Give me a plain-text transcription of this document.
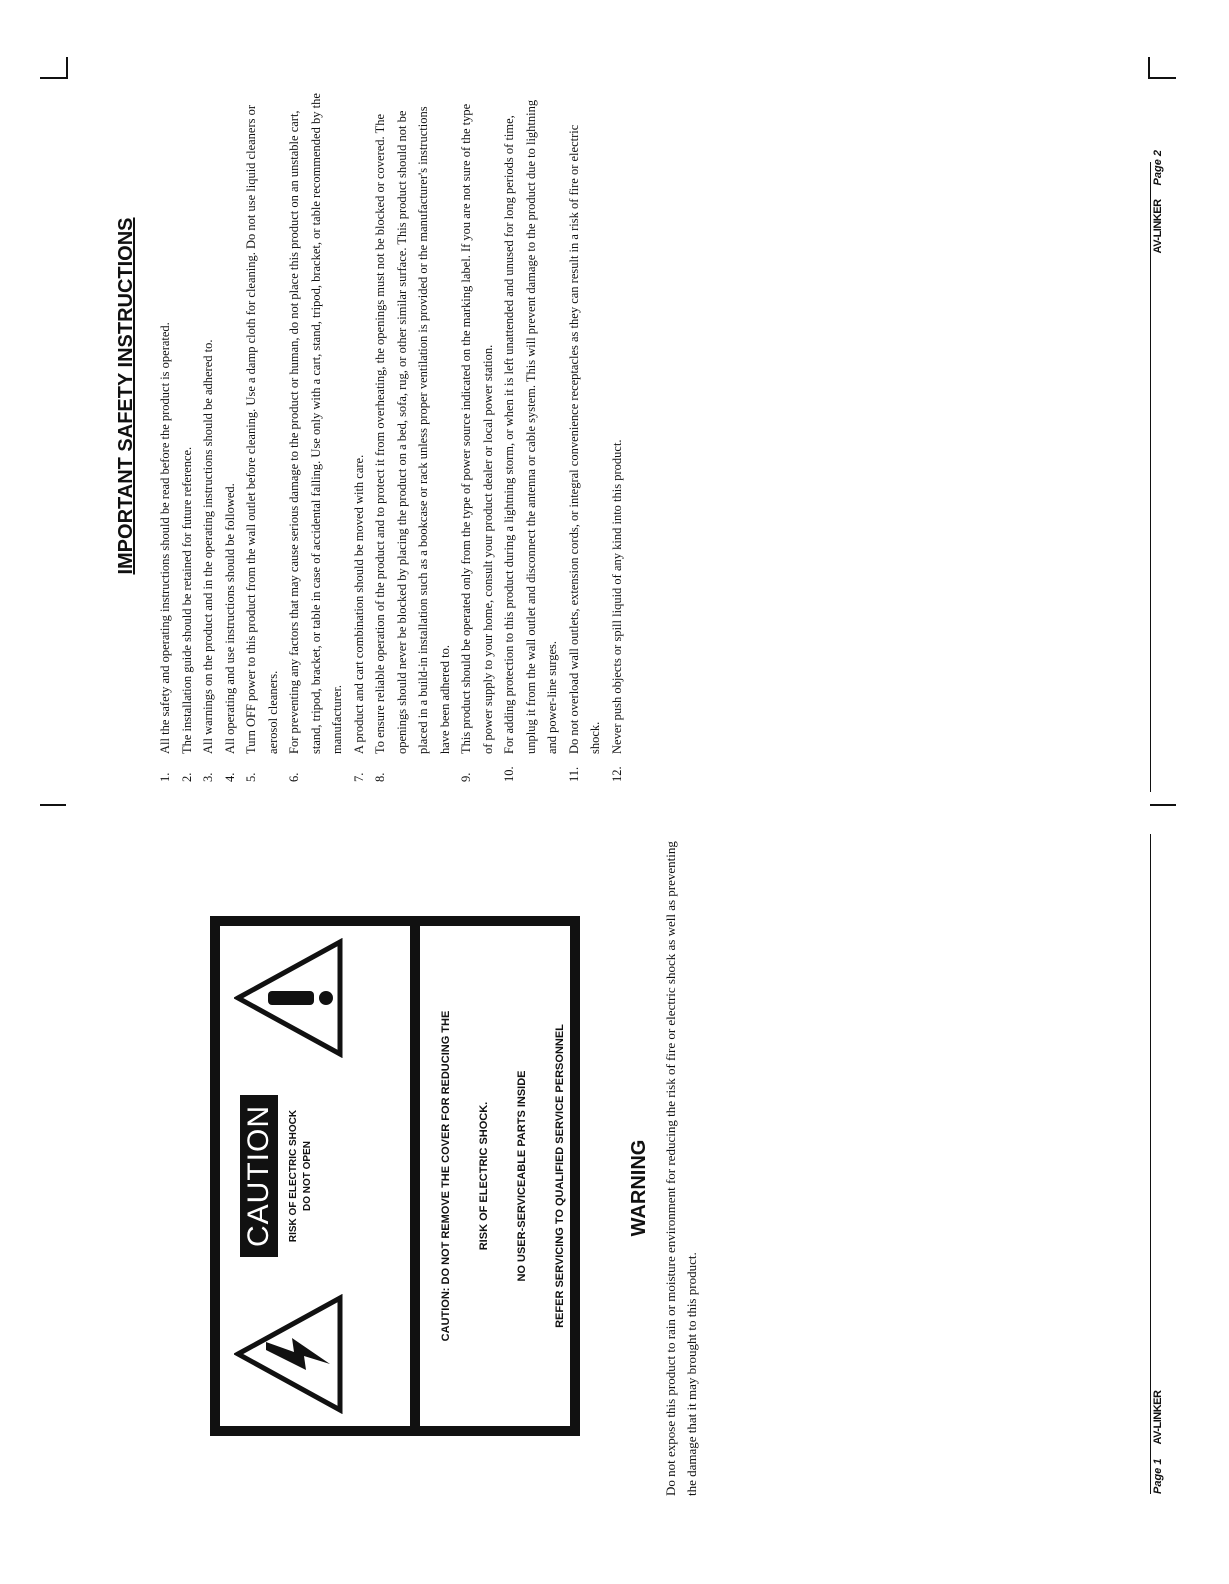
CAUTION	RISK OF ELECTRIC SHOCK DO NOT OPEN	CAUTION: DO NOT REMOVE THE COVER FOR REDUCING THE RISK OF ELECTRIC SHOCK. NO USER-SERVICEABLE PARTS INSIDE REFER SERVICING TO QUALIFIED SERVICE PERSONNEL	WARNING Do not expose this product to rain or moisture environment for reducing the risk of fire or electric shock as well as preventing the damage that it may brought to this product.	Page 1AV-LINKER
IMPORTANT SAFETY INSTRUCTIONS
1.
All the safety and operating instructions should be read before the product is operated.
2.
The installation guide should be retained for future reference.
3.
All warnings on the product and in the operating instructions should be adhered to.
4.
All operating and use instructions should be followed.
5.
Turn OFF power to this product from the wall outlet before cleaning. Use a damp cloth for cleaning. Do not use liquid cleaners or aerosol cleaners.
6.
For preventing any factors that may cause serious damage to the product or human, do not place this product on an unstable cart, stand, tripod, bracket, or table in case of accidental falling. Use only with a cart, stand, tripod, bracket, or table recommended by the manufacturer.
7.
A product and cart combination should be moved with care.
8.
To ensure reliable operation of the product and to protect it from overheating, the openings must not be blocked or covered. The openings should never be blocked by placing the product on a bed, sofa, rug, or other similar surface. This product should not be placed in a build-in installation such as a bookcase or rack unless proper ventilation is provided or the manufacturer's instructions have been adhered to.
9.
This product should be operated only from the type of power source indicated on the marking label. If you are not sure of the type of power supply to your home, consult your product dealer or local power station.
10.
For adding protection to this product during a lightning storm, or when it is left unattended and unused for long periods of time, unplug it from the wall outlet and disconnect the antenna or cable system. This will prevent damage to the product due to lightning and power-line surges.
11.
Do not overload wall outlets, extension cords, or integral convenience receptacles as they can result in a risk of fire or electric shock.
12.
Never push objects or spill liquid of any kind into this product.
AV-LINKERPage 2
